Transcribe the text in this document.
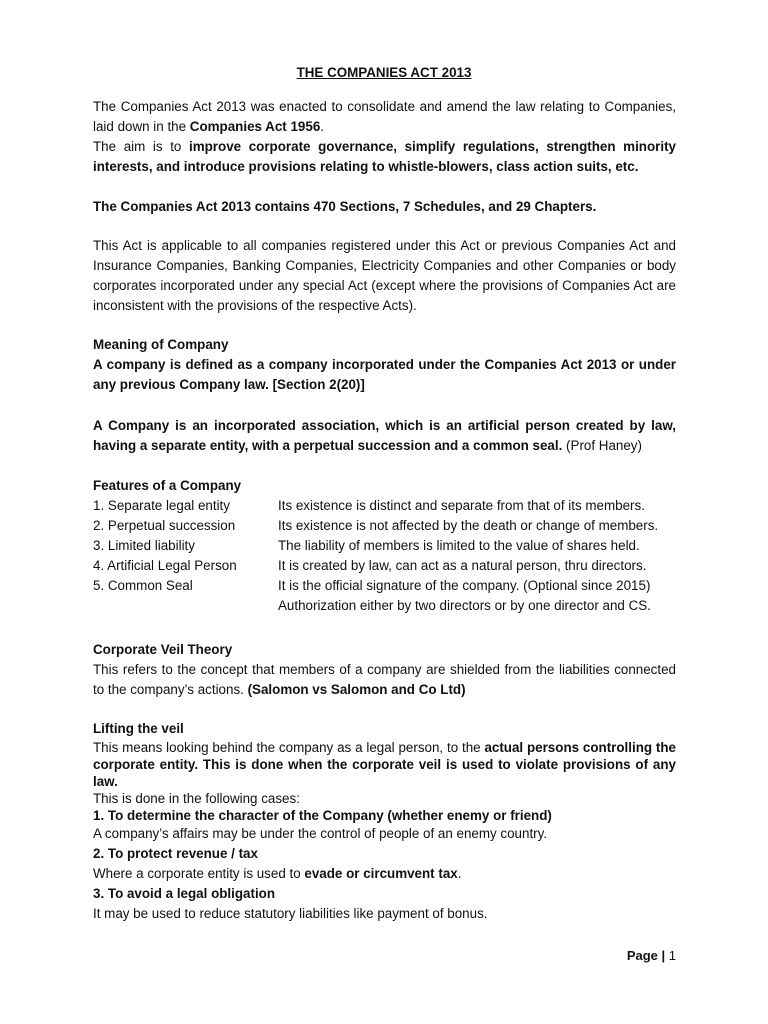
THE COMPANIES ACT 2013

The Companies Act 2013 was enacted to consolidate and amend the law relating to Companies, laid down in the Companies Act 1956.

The aim is to improve corporate governance, simplify regulations, strengthen minority interests, and introduce provisions relating to whistle-blowers, class action suits, etc.

The Companies Act 2013 contains 470 Sections, 7 Schedules, and 29 Chapters.

This Act is applicable to all companies registered under this Act or previous Companies Act and Insurance Companies, Banking Companies, Electricity Companies and other Companies or body corporates incorporated under any special Act (except where the provisions of Companies Act are inconsistent with the provisions of the respective Acts).

Meaning of Company

A company is defined as a company incorporated under the Companies Act 2013 or under any previous Company law. [Section 2(20)]

A Company is an incorporated association, which is an artificial person created by law, having a separate entity, with a perpetual succession and a common seal. (Prof Haney)

Features of a Company

1. Separate legal entity	Its existence is distinct and separate from that of its members.
2. Perpetual succession	Its existence is not affected by the death or change of members.
3. Limited liability	The liability of members is limited to the value of shares held.
4. Artificial Legal Person	It is created by law, can act as a natural person, thru directors.
5. Common Seal	It is the official signature of the company. (Optional since 2015)
Authorization either by two directors or by one director and CS.

Corporate Veil Theory

This refers to the concept that members of a company are shielded from the liabilities connected to the company’s actions. (Salomon vs Salomon and Co Ltd)

Lifting the veil

This means looking behind the company as a legal person, to the actual persons controlling the corporate entity. This is done when the corporate veil is used to violate provisions of any law.

This is done in the following cases:

1. To determine the character of the Company (whether enemy or friend)

A company’s affairs may be under the control of people of an enemy country.

2. To protect revenue / tax

Where a corporate entity is used to evade or circumvent tax.

3. To avoid a legal obligation

It may be used to reduce statutory liabilities like payment of bonus.

Page | 1
